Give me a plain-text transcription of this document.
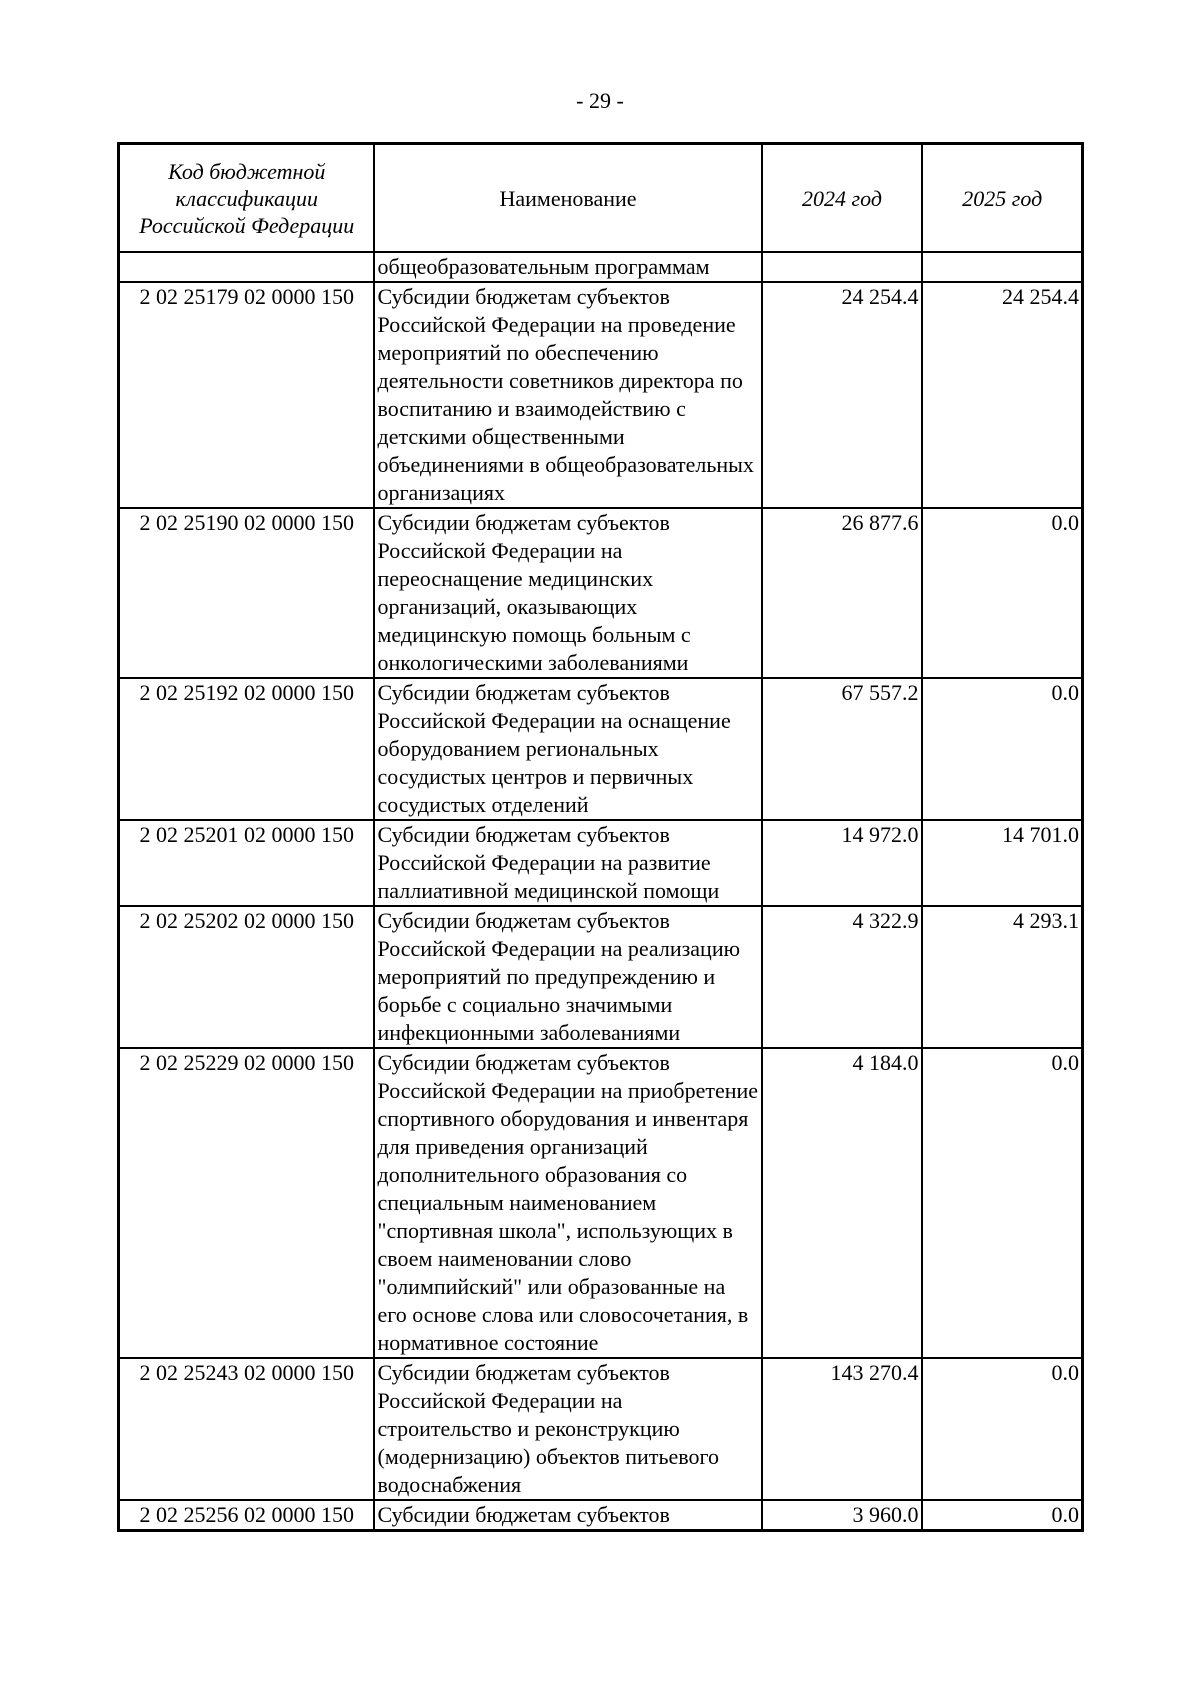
- 29 -
Код бюджетной классификации Российской Федерации	Наименование	2024 год	2025 год
	общеобразовательным программам		
2 02 25179 02 0000 150	Субсидии бюджетам субъектов Российской Федерации на проведение мероприятий по обеспечению деятельности советников директора по воспитанию и взаимодействию с детскими общественными объединениями в общеобразовательных организациях	24 254.4	24 254.4
2 02 25190 02 0000 150	Субсидии бюджетам субъектов Российской Федерации на переоснащение медицинских организаций, оказывающих медицинскую помощь больным с онкологическими заболеваниями	26 877.6	0.0
2 02 25192 02 0000 150	Субсидии бюджетам субъектов Российской Федерации на оснащение оборудованием региональных сосудистых центров и первичных сосудистых отделений	67 557.2	0.0
2 02 25201 02 0000 150	Субсидии бюджетам субъектов Российской Федерации на развитие паллиативной медицинской помощи	14 972.0	14 701.0
2 02 25202 02 0000 150	Субсидии бюджетам субъектов Российской Федерации на реализацию мероприятий по предупреждению и борьбе с социально значимыми инфекционными заболеваниями	4 322.9	4 293.1
2 02 25229 02 0000 150	Субсидии бюджетам субъектов Российской Федерации на приобретение спортивного оборудования и инвентаря для приведения организаций дополнительного образования со специальным наименованием "спортивная школа", использующих в своем наименовании слово "олимпийский" или образованные на его основе слова или словосочетания, в нормативное состояние	4 184.0	0.0
2 02 25243 02 0000 150	Субсидии бюджетам субъектов Российской Федерации на строительство и реконструкцию (модернизацию) объектов питьевого водоснабжения	143 270.4	0.0
2 02 25256 02 0000 150	Субсидии бюджетам субъектов	3 960.0	0.0
